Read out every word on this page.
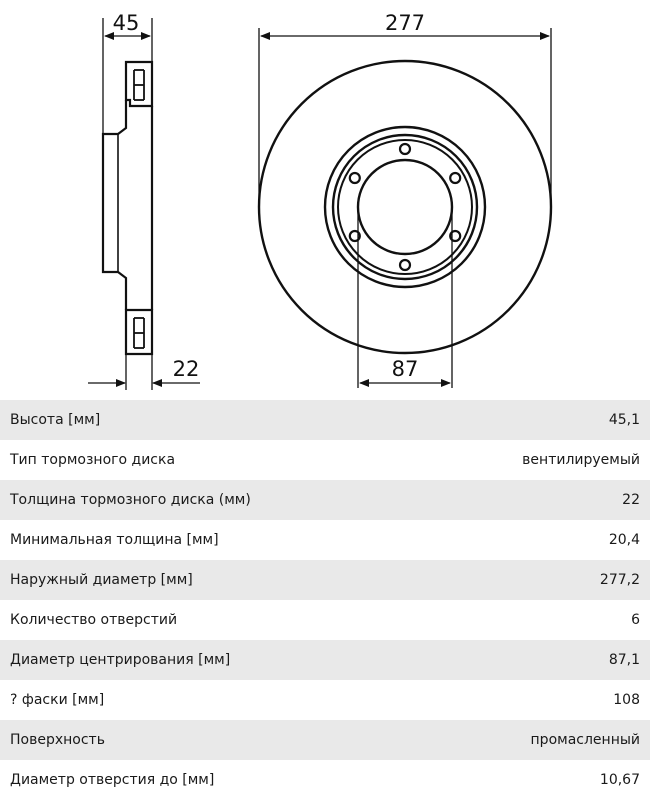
45
22
277
87
Высота [мм]	45,1
Тип тормозного диска	вентилируемый
Толщина тормозного диска (мм)	22
Минимальная толщина [мм]	20,4
Наружный диаметр [мм]	277,2
Количество отверстий	6
Диаметр центрирования [мм]	87,1
? фаски [мм]	108
Поверхность	промасленный
Диаметр отверстия до [мм]	10,67
